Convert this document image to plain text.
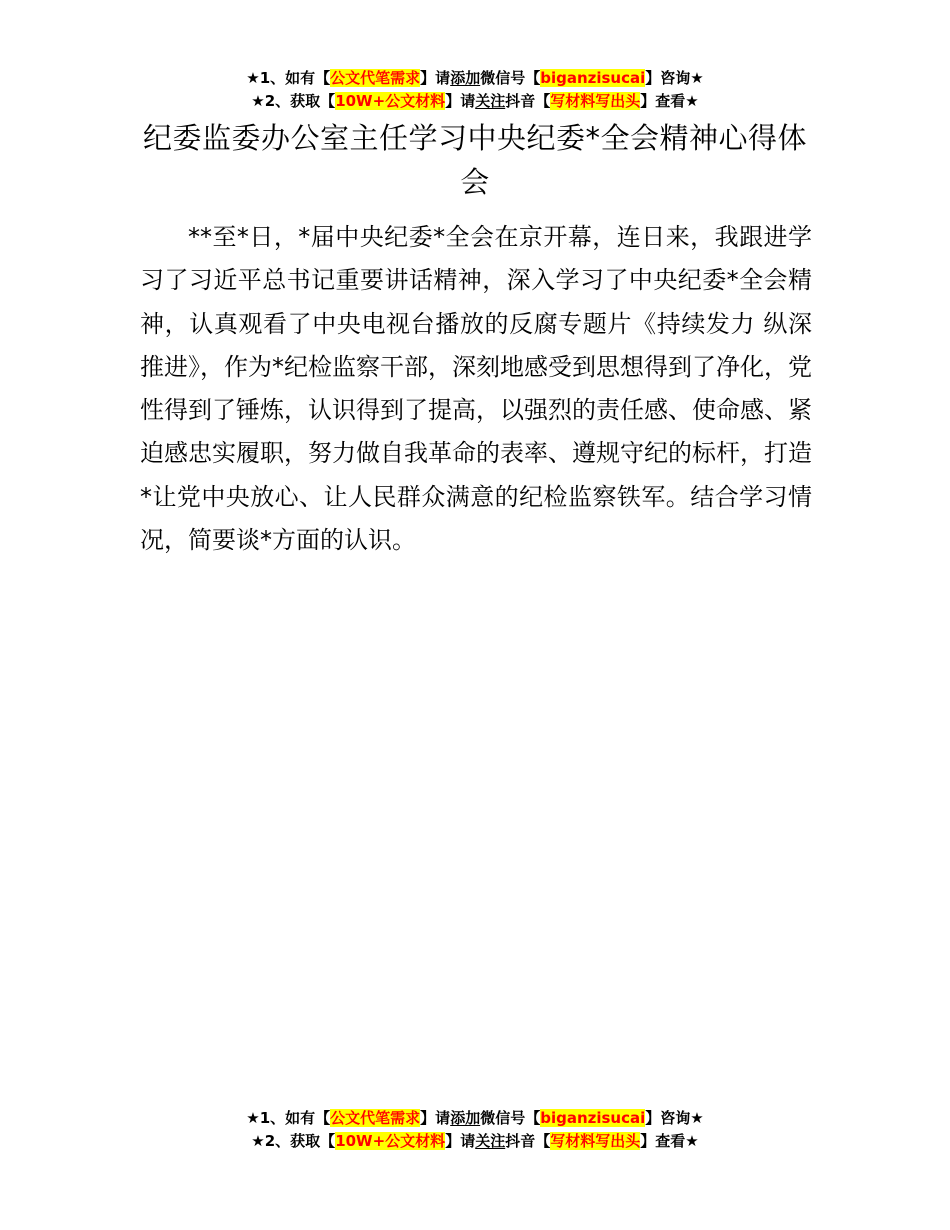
★1、如有【公文代笔需求】请添加微信号【biganzisucai】咨询★
★2、获取【10W+公文材料】请关注抖音【写材料写出头】查看★
纪委监委办公室主任学习中央纪委*全会精神心得体会

**至*日，*届中央纪委*全会在京开幕，连日来，我跟进学习了习近平总书记重要讲话精神，深入学习了中央纪委*全会精神，认真观看了中央电视台播放的反腐专题片《持续发力 纵深推进》，作为*纪检监察干部，深刻地感受到思想得到了净化，党性得到了锤炼，认识得到了提高，以强烈的责任感、使命感、紧迫感忠实履职，努力做自我革命的表率、遵规守纪的标杆，打造*让党中央放心、让人民群众满意的纪检监察铁军。结合学习情况，简要谈*方面的认识。

★1、如有【公文代笔需求】请添加微信号【biganzisucai】咨询★
★2、获取【10W+公文材料】请关注抖音【写材料写出头】查看★
